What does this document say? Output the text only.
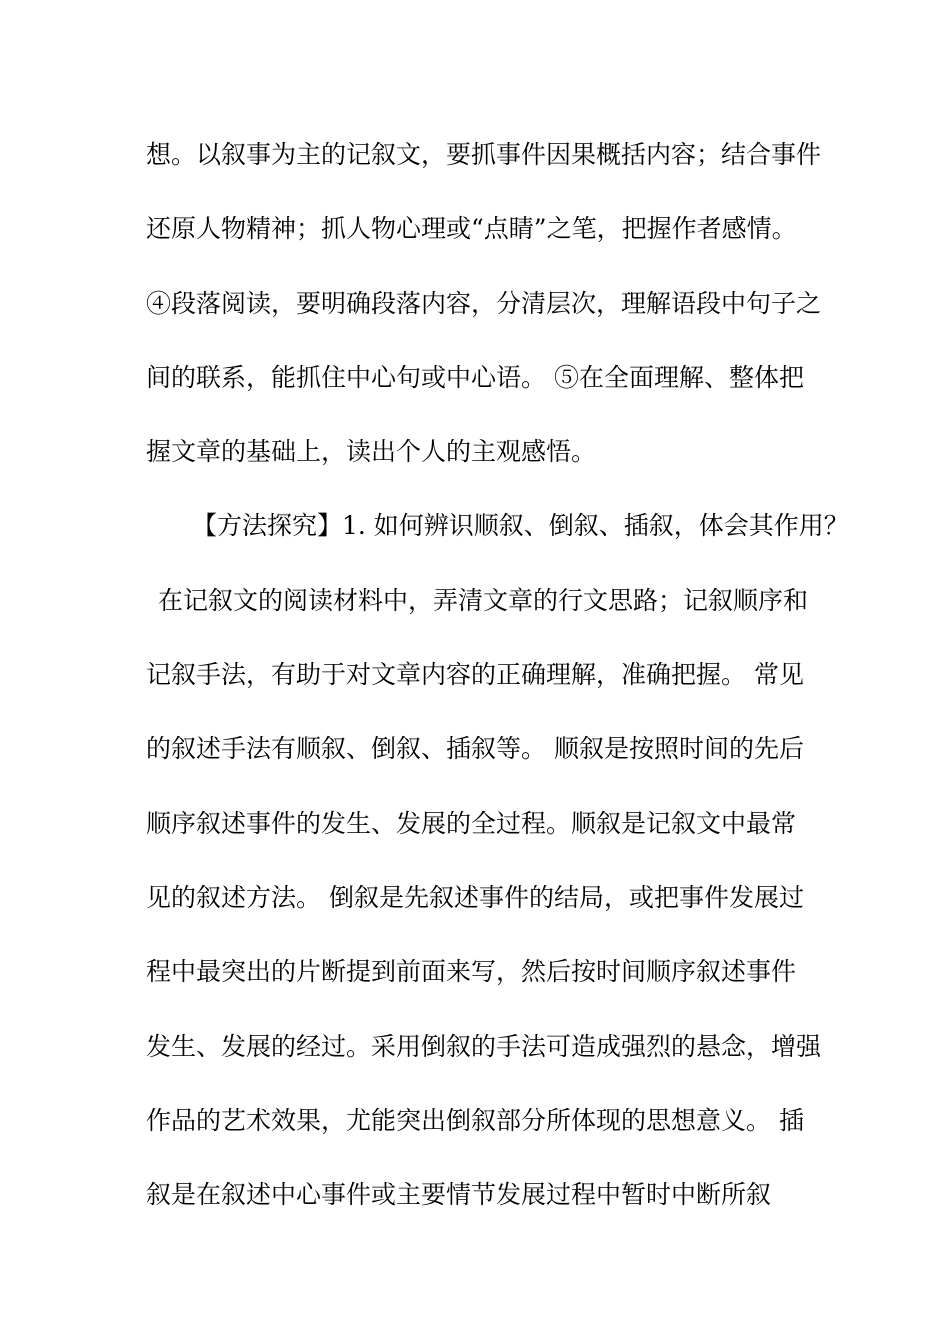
想。以叙事为主的记叙文，要抓事件因果概括内容；结合事件
还原人物精神；抓人物心理或“点睛”之笔，把握作者感情。
④段落阅读，要明确段落内容，分清层次，理解语段中句子之
间的联系，能抓住中心句或中心语。 ⑤在全面理解、整体把
握文章的基础上，读出个人的主观感悟。
【方法探究】1. 如何辨识顺叙、倒叙、插叙，体会其作用？
在记叙文的阅读材料中，弄清文章的行文思路；记叙顺序和
记叙手法，有助于对文章内容的正确理解，准确把握。 常见
的叙述手法有顺叙、倒叙、插叙等。 顺叙是按照时间的先后
顺序叙述事件的发生、发展的全过程。顺叙是记叙文中最常
见的叙述方法。 倒叙是先叙述事件的结局，或把事件发展过
程中最突出的片断提到前面来写，然后按时间顺序叙述事件
发生、发展的经过。采用倒叙的手法可造成强烈的悬念，增强
作品的艺术效果，尤能突出倒叙部分所体现的思想意义。 插
叙是在叙述中心事件或主要情节发展过程中暂时中断所叙
